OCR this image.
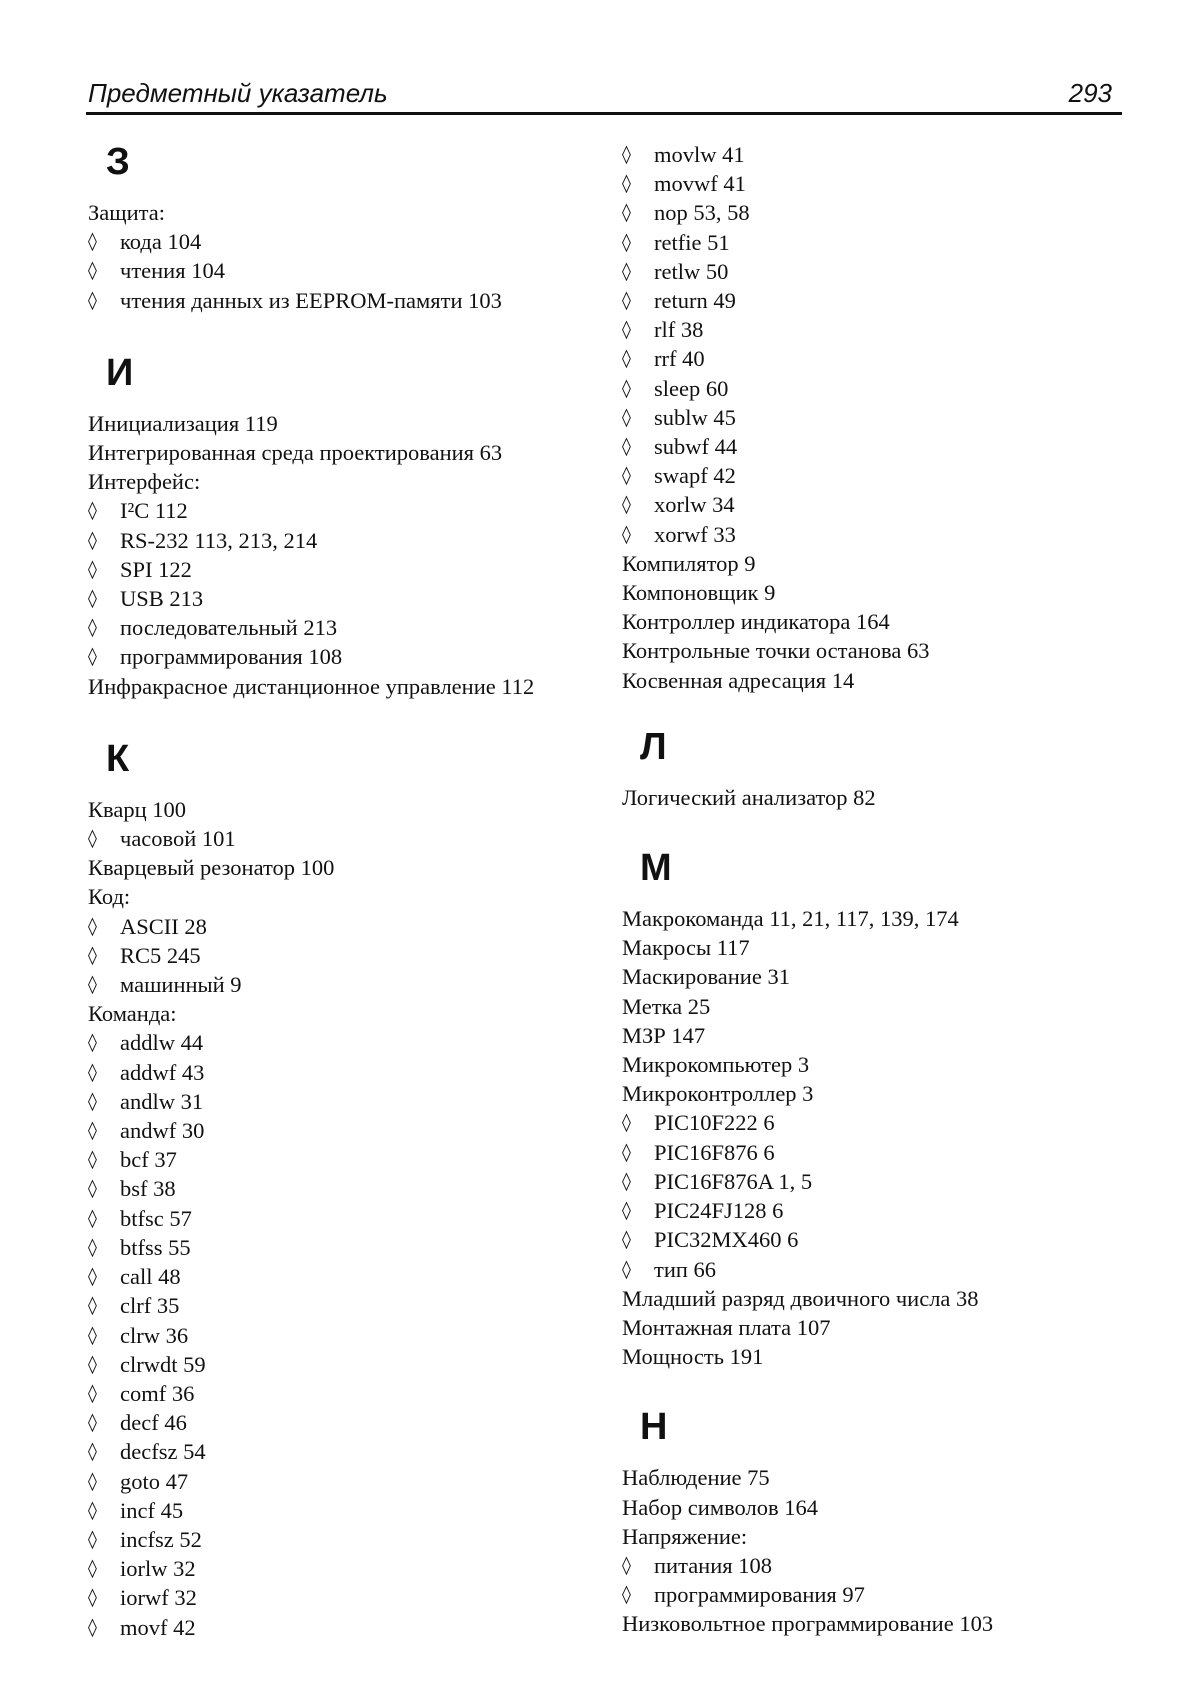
Предметный указатель	293
З
Защита:
◊ кода 104
◊ чтения 104
◊ чтения данных из EEPROM-памяти 103
И
Инициализация 119
Интегрированная среда проектирования 63
Интерфейс:
◊ I²C 112
◊ RS-232 113, 213, 214
◊ SPI 122
◊ USB 213
◊ последовательный 213
◊ программирования 108
Инфракрасное дистанционное управление 112
К
Кварц 100
◊ часовой 101
Кварцевый резонатор 100
Код:
◊ ASCII 28
◊ RC5 245
◊ машинный 9
Команда:
◊ addlw 44
◊ addwf 43
◊ andlw 31
◊ andwf 30
◊ bcf 37
◊ bsf 38
◊ btfsc 57
◊ btfss 55
◊ call 48
◊ clrf 35
◊ clrw 36
◊ clrwdt 59
◊ comf 36
◊ decf 46
◊ decfsz 54
◊ goto 47
◊ incf 45
◊ incfsz 52
◊ iorlw 32
◊ iorwf 32
◊ movf 42
◊ movlw 41
◊ movwf 41
◊ nop 53, 58
◊ retfie 51
◊ retlw 50
◊ return 49
◊ rlf 38
◊ rrf 40
◊ sleep 60
◊ sublw 45
◊ subwf 44
◊ swapf 42
◊ xorlw 34
◊ xorwf 33
Компилятор 9
Компоновщик 9
Контроллер индикатора 164
Контрольные точки останова 63
Косвенная адресация 14
Л
Логический анализатор 82
М
Макрокоманда 11, 21, 117, 139, 174
Макросы 117
Маскирование 31
Метка 25
МЗР 147
Микрокомпьютер 3
Микроконтроллер 3
◊ PIC10F222 6
◊ PIC16F876 6
◊ PIC16F876A 1, 5
◊ PIC24FJ128 6
◊ PIC32MX460 6
◊ тип 66
Младший разряд двоичного числа 38
Монтажная плата 107
Мощность 191
Н
Наблюдение 75
Набор символов 164
Напряжение:
◊ питания 108
◊ программирования 97
Низковольтное программирование 103
